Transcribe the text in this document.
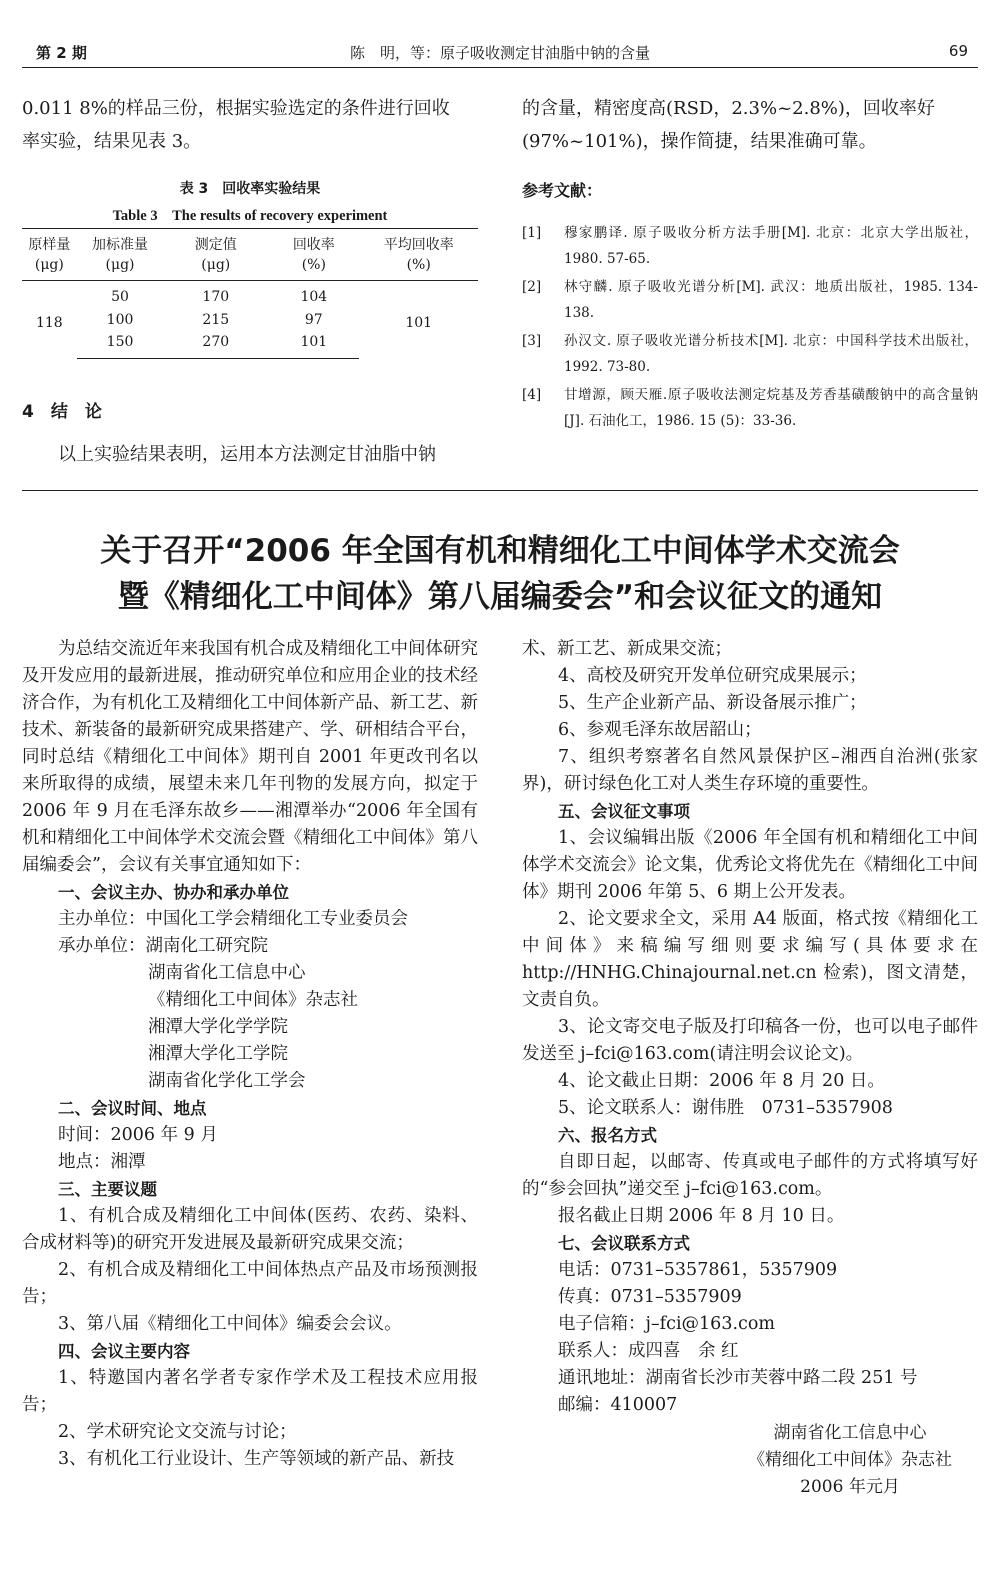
第 2 期	陈　明，等：原子吸收测定甘油脂中钠的含量	69

0.011 8%的样品三份，根据实验选定的条件进行回收

率实验，结果见表 3。

表 3　回收率实验结果
Table 3　The results of recovery experiment
原样量	加标准量	测定值	回收率	平均回收率
(μg)	(μg)	(μg)	(%)	(%)
118	50	170	104	101
	100	215	97	
	150	270	101	
4　结　论
以上实验结果表明，运用本方法测定甘油脂中钠

的含量，精密度高(RSD，2.3%~2.8%)，回收率好

(97%~101%)，操作简捷，结果准确可靠。

参考文献：
[1] 穆家鹏译. 原子吸收分析方法手册[M]. 北京：北京大学出版社，1980. 57-65.
[2] 林守麟. 原子吸收光谱分析[M]. 武汉：地质出版社，1985. 134-138.
[3] 孙汉文. 原子吸收光谱分析技术[M]. 北京：中国科学技术出版社，1992. 73-80.
[4] 甘增源，顾天雁.原子吸收法测定烷基及芳香基磺酸钠中的高含量钠[J]. 石油化工，1986. 15 (5)：33-36.
关于召开“2006 年全国有机和精细化工中间体学术交流会
暨《精细化工中间体》第八届编委会”和会议征文的通知
为总结交流近年来我国有机合成及精细化工中间体研究及开发应用的最新进展，推动研究单位和应用企业的技术经济合作，为有机化工及精细化工中间体新产品、新工艺、新技术、新装备的最新研究成果搭建产、学、研相结合平台，同时总结《精细化工中间体》期刊自 2001 年更改刊名以来所取得的成绩，展望未来几年刊物的发展方向，拟定于 2006 年 9 月在毛泽东故乡——湘潭举办“2006 年全国有机和精细化工中间体学术交流会暨《精细化工中间体》第八届编委会”，会议有关事宜通知如下：
一、会议主办、协办和承办单位
主办单位：中国化工学会精细化工专业委员会
承办单位：湖南化工研究院
湖南省化工信息中心
《精细化工中间体》杂志社
湘潭大学化学学院
湘潭大学化工学院
湖南省化学化工学会
二、会议时间、地点
时间：2006 年 9 月
地点：湘潭
三、主要议题
1、有机合成及精细化工中间体(医药、农药、染料、合成材料等)的研究开发进展及最新研究成果交流；
2、有机合成及精细化工中间体热点产品及市场预测报告；
3、第八届《精细化工中间体》编委会会议。
四、会议主要内容
1、特邀国内著名学者专家作学术及工程技术应用报告；
2、学术研究论文交流与讨论；
3、有机化工行业设计、生产等领域的新产品、新技
术、新工艺、新成果交流；
4、高校及研究开发单位研究成果展示；
5、生产企业新产品、新设备展示推广；
6、参观毛泽东故居韶山；
7、组织考察著名自然风景保护区–湘西自治洲(张家界)，研讨绿色化工对人类生存环境的重要性。
五、会议征文事项
1、会议编辑出版《2006 年全国有机和精细化工中间体学术交流会》论文集，优秀论文将优先在《精细化工中间体》期刊 2006 年第 5、6 期上公开发表。
2、论文要求全文，采用 A4 版面，格式按《精细化工中间体》来稿编写细则要求编写(具体要求在 http://HNHG.Chinajournal.net.cn 检索)，图文清楚，文责自负。
3、论文寄交电子版及打印稿各一份，也可以电子邮件发送至 j–fci@163.com(请注明会议论文)。
4、论文截止日期：2006 年 8 月 20 日。
5、论文联系人：谢伟胜　0731–5357908
六、报名方式
自即日起，以邮寄、传真或电子邮件的方式将填写好的“参会回执”递交至 j–fci@163.com。
报名截止日期 2006 年 8 月 10 日。
七、会议联系方式
电话：0731–5357861，5357909
传真：0731–5357909
电子信箱：j–fci@163.com
联系人：成四喜　余 红
通讯地址：湖南省长沙市芙蓉中路二段 251 号
邮编：410007
湖南省化工信息中心
《精细化工中间体》杂志社
2006 年元月
